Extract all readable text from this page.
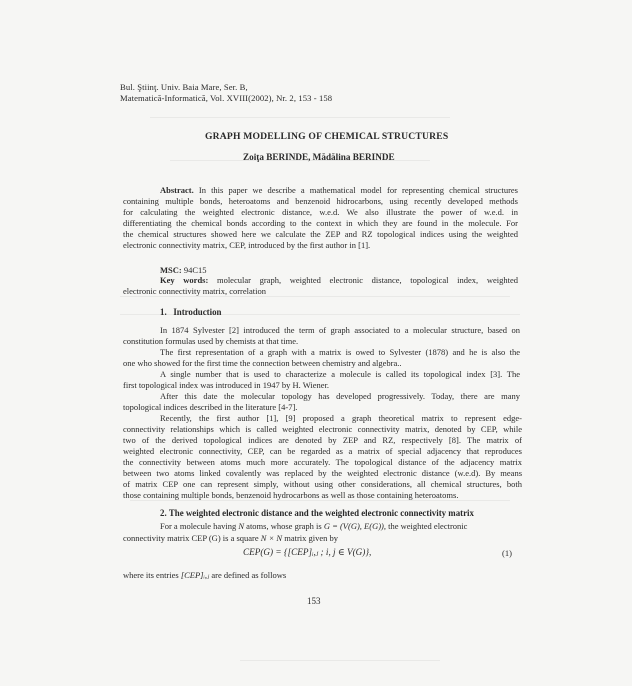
Bul. Ştiinţ. Univ. Baia Mare, Ser. B,
Matematică-Informatică, Vol. XVIII(2002), Nr. 2, 153 - 158
GRAPH MODELLING OF CHEMICAL STRUCTURES
Zoiţa BERINDE, Mădălina BERINDE
Abstract. In this paper we describe a mathematical model for representing chemical structures
containing multiple bonds, heteroatoms and benzenoid hidrocarbons, using recently developed methods
for calculating the weighted electronic distance, w.e.d. We also illustrate the power of w.e.d. in
differentiating the chemical bonds according to the context in which they are found in the molecule. For
the chemical structures showed here we calculate the ZEP and RZ topological indices using the weighted
electronic connectivity matrix, CEP, introduced by the first author in [1].
MSC: 94C15
Key words: molecular graph, weighted electronic distance, topological index, weighted
electronic connectivity matrix, correlation
1. Introduction
In 1874 Sylvester [2] introduced the term of graph associated to a molecular structure, based on
constitution formulas used by chemists at that time.
The first representation of a graph with a matrix is owed to Sylvester (1878) and he is also the
one who showed for the first time the connection between chemistry and algebra..
A single number that is used to characterize a molecule is called its topological index [3]. The
first topological index was introduced in 1947 by H. Wiener.
After this date the molecular topology has developed progressively. Today, there are many
topological indices described in the literature [4-7].
Recently, the first author [1], [9] proposed a graph theoretical matrix to represent edge-
connectivity relationships which is called weighted electronic connectivity matrix, denoted by CEP, while
two of the derived topological indices are denoted by ZEP and RZ, respectively [8]. The matrix of
weighted electronic connectivity, CEP, can be regarded as a matrix of special adjacency that reproduces
the connectivity between atoms much more accurately. The topological distance of the adjacency matrix
between two atoms linked covalently was replaced by the weighted electronic distance (w.e.d). By means
of matrix CEP one can represent simply, without using other considerations, all chemical structures, both
those containing multiple bonds, benzenoid hydrocarbons as well as those containing heteroatoms.
2. The weighted electronic distance and the weighted electronic connectivity matrix
For a molecule having N atoms, whose graph is G = (V(G), E(G)), the weighted electronic
connectivity matrix CEP (G) is a square N × N matrix given by
CEP(G) = {[CEP]ᵢ,ⱼ ; i, j ∈ V(G)},	(1)
where its entries [CEP]ᵢ,ⱼ are defined as follows
153
